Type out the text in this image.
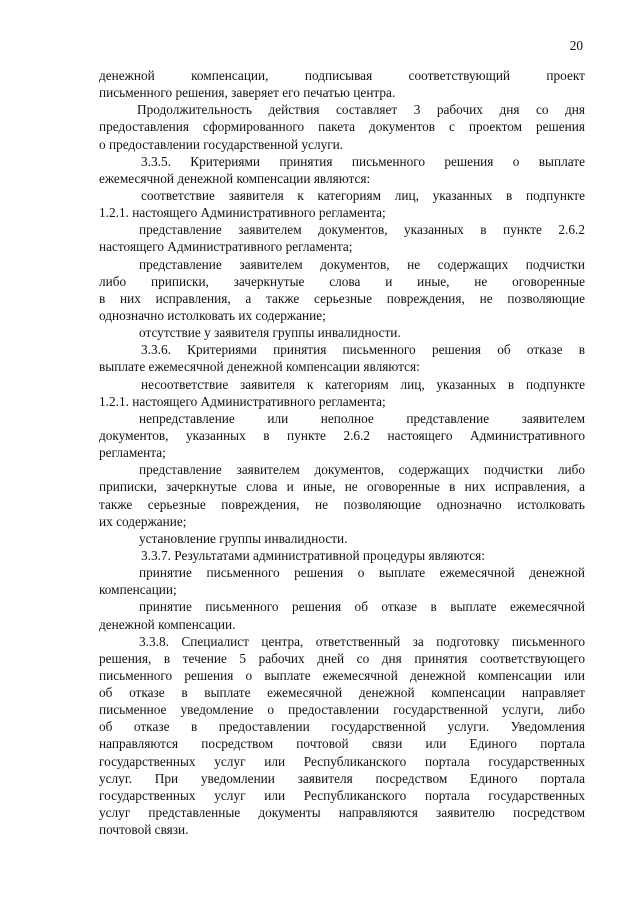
20
денежной компенсации, подписывая соответствующий проект
письменного решения, заверяет его печатью центра.
Продолжительность действия составляет 3 рабочих дня со дня
предоставления сформированного пакета документов с проектом решения
о предоставлении государственной услуги.
3.3.5. Критериями принятия письменного решения о выплате
ежемесячной денежной компенсации являются:
соответствие заявителя к категориям лиц, указанных в подпункте
1.2.1. настоящего Административного регламента;
представление заявителем документов, указанных в пункте 2.6.2
настоящего Административного регламента;
представление заявителем документов, не содержащих подчистки
либо приписки, зачеркнутые слова и иные, не оговоренные
в них исправления, а также серьезные повреждения, не позволяющие
однозначно истолковать их содержание;
отсутствие у заявителя группы инвалидности.
3.3.6. Критериями принятия письменного решения об отказе в
выплате ежемесячной денежной компенсации являются:
несоответствие заявителя к категориям лиц, указанных в подпункте
1.2.1. настоящего Административного регламента;
непредставление или неполное представление заявителем
документов, указанных в пункте 2.6.2 настоящего Административного
регламента;
представление заявителем документов, содержащих подчистки либо
приписки, зачеркнутые слова и иные, не оговоренные в них исправления, а
также серьезные повреждения, не позволяющие однозначно истолковать
их содержание;
установление группы инвалидности.
3.3.7. Результатами административной процедуры являются:
принятие письменного решения о выплате ежемесячной денежной
компенсации;
принятие письменного решения об отказе в выплате ежемесячной
денежной компенсации.
3.3.8. Специалист центра, ответственный за подготовку письменного
решения, в течение 5 рабочих дней со дня принятия соответствующего
письменного решения о выплате ежемесячной денежной компенсации или
об отказе в выплате ежемесячной денежной компенсации направляет
письменное уведомление о предоставлении государственной услуги, либо
об отказе в предоставлении государственной услуги. Уведомления
направляются посредством почтовой связи или Единого портала
государственных услуг или Республиканского портала государственных
услуг. При уведомлении заявителя посредством Единого портала
государственных услуг или Республиканского портала государственных
услуг представленные документы направляются заявителю посредством
почтовой связи.
